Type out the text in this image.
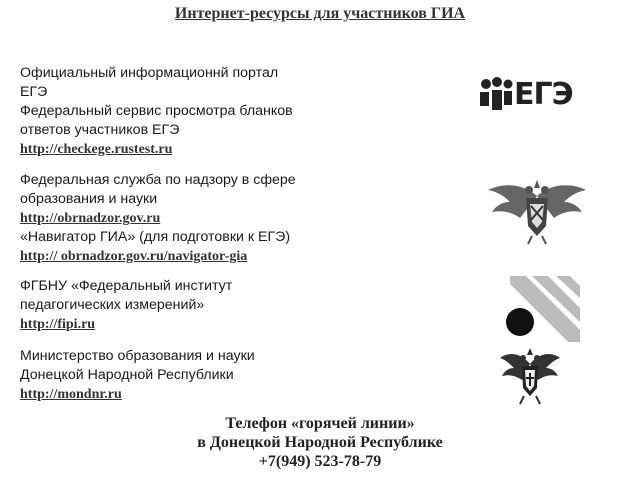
Интернет-ресурсы для участников ГИА
Официальный информационнй портал
ЕГЭ
Федеральный сервис просмотра бланков
ответов участников ЕГЭ
http://checkege.rustest.ru
Федеральная служба по надзору в сфере
образования и науки
http://obrnadzor.gov.ru
«Навигатор ГИА» (для подготовки к ЕГЭ)
http:// obrnadzor.gov.ru/navigator-gia
ФГБНУ «Федеральный институт
педагогических измерений»
http://fipi.ru
Министерство образования и науки
Донецкой Народной Республики
http://mondnr.ru
ЕГЭ
Телефон «горячей линии»
в Донецкой Народной Республике
+7(949) 523-78-79
